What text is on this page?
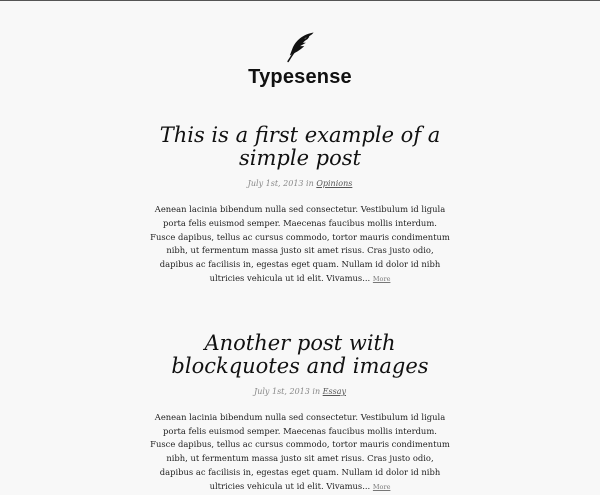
Typesense
This is a first example of a simple post
July 1st, 2013 in Opinions

Aenean lacinia bibendum nulla sed consectetur. Vestibulum id ligula porta felis euismod semper. Maecenas faucibus mollis interdum. Fusce dapibus, tellus ac cursus commodo, tortor mauris condimentum nibh, ut fermentum massa justo sit amet risus. Cras justo odio, dapibus ac facilisis in, egestas eget quam. Nullam id dolor id nibh ultricies vehicula ut id elit. Vivamus... More

Another post with blockquotes and images
July 1st, 2013 in Essay

Aenean lacinia bibendum nulla sed consectetur. Vestibulum id ligula porta felis euismod semper. Maecenas faucibus mollis interdum. Fusce dapibus, tellus ac cursus commodo, tortor mauris condimentum nibh, ut fermentum massa justo sit amet risus. Cras justo odio, dapibus ac facilisis in, egestas eget quam. Nullam id dolor id nibh ultricies vehicula ut id elit. Vivamus... More
